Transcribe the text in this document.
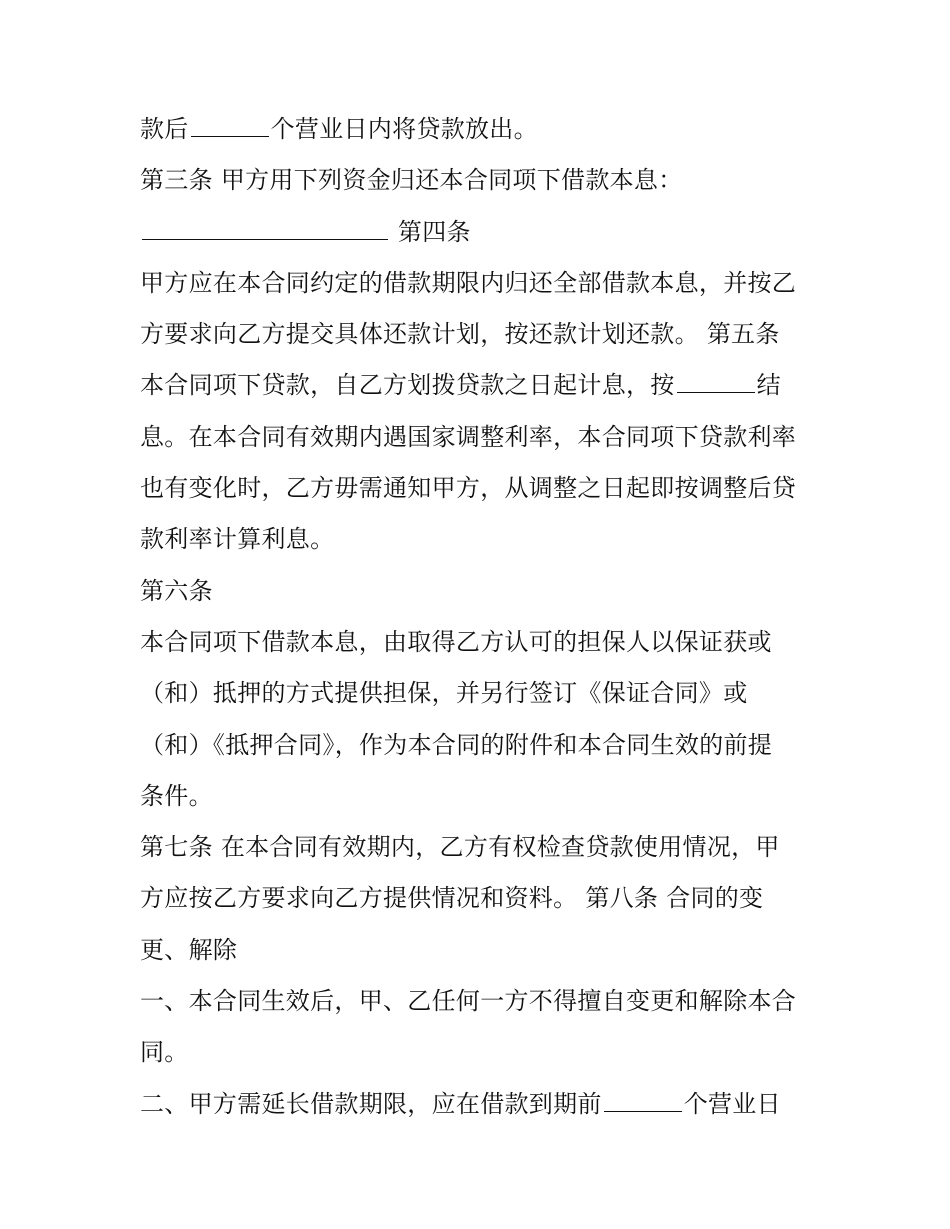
款后	个营业日内将贷款放出。
第三条 甲方用下列资金归还本合同项下借款本息：
第四条
甲方应在本合同约定的借款期限内归还全部借款本息，并按乙
方要求向乙方提交具体还款计划，按还款计划还款。 第五条
本合同项下贷款，自乙方划拨贷款之日起计息，按	结
息。在本合同有效期内遇国家调整利率，本合同项下贷款利率
也有变化时，乙方毋需通知甲方，从调整之日起即按调整后贷
款利率计算利息。
第六条
本合同项下借款本息，由取得乙方认可的担保人以保证获或
（和）抵押的方式提供担保，并另行签订《保证合同》或
（和）《抵押合同》，作为本合同的附件和本合同生效的前提
条件。
第七条 在本合同有效期内，乙方有权检查贷款使用情况，甲
方应按乙方要求向乙方提供情况和资料。 第八条 合同的变
更、解除
一、本合同生效后，甲、乙任何一方不得擅自变更和解除本合
同。
二、甲方需延长借款期限，应在借款到期前	个营业日
